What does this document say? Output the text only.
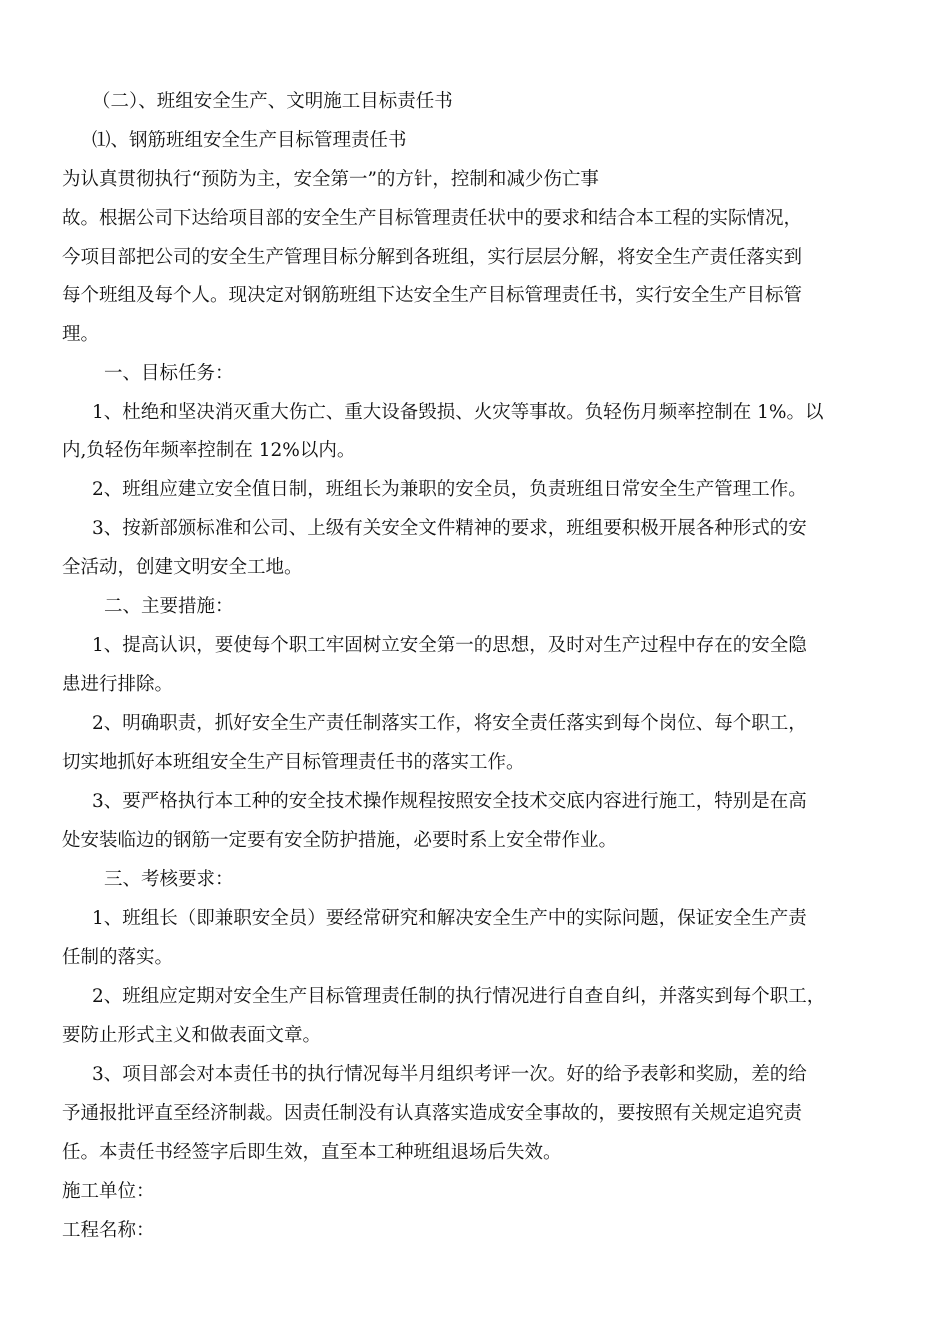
（二）、班组安全生产、文明施工目标责任书
⑴、钢筋班组安全生产目标管理责任书
为认真贯彻执行“预防为主，安全第一”的方针，控制和减少伤亡事
故。根据公司下达给项目部的安全生产目标管理责任状中的要求和结合本工程的实际情况，
今项目部把公司的安全生产管理目标分解到各班组，实行层层分解，将安全生产责任落实到
每个班组及每个人。现决定对钢筋班组下达安全生产目标管理责任书，实行安全生产目标管
理。
一、目标任务：
1、杜绝和坚决消灭重大伤亡、重大设备毁损、火灾等事故。负轻伤月频率控制在 1%。以
内,负轻伤年频率控制在 12%以内。
2、班组应建立安全值日制，班组长为兼职的安全员，负责班组日常安全生产管理工作。
3、按新部颁标准和公司、上级有关安全文件精神的要求，班组要积极开展各种形式的安
全活动，创建文明安全工地。
二、主要措施：
1、提高认识，要使每个职工牢固树立安全第一的思想，及时对生产过程中存在的安全隐
患进行排除。
2、明确职责，抓好安全生产责任制落实工作，将安全责任落实到每个岗位、每个职工，
切实地抓好本班组安全生产目标管理责任书的落实工作。
3、要严格执行本工种的安全技术操作规程按照安全技术交底内容进行施工，特别是在高
处安装临边的钢筋一定要有安全防护措施，必要时系上安全带作业。
三、考核要求：
1、班组长（即兼职安全员）要经常研究和解决安全生产中的实际问题，保证安全生产责
任制的落实。
2、班组应定期对安全生产目标管理责任制的执行情况进行自查自纠，并落实到每个职工，
要防止形式主义和做表面文章。
3、项目部会对本责任书的执行情况每半月组织考评一次。好的给予表彰和奖励，差的给
予通报批评直至经济制裁。因责任制没有认真落实造成安全事故的，要按照有关规定追究责
任。本责任书经签字后即生效，直至本工种班组退场后失效。
施工单位：
工程名称：
